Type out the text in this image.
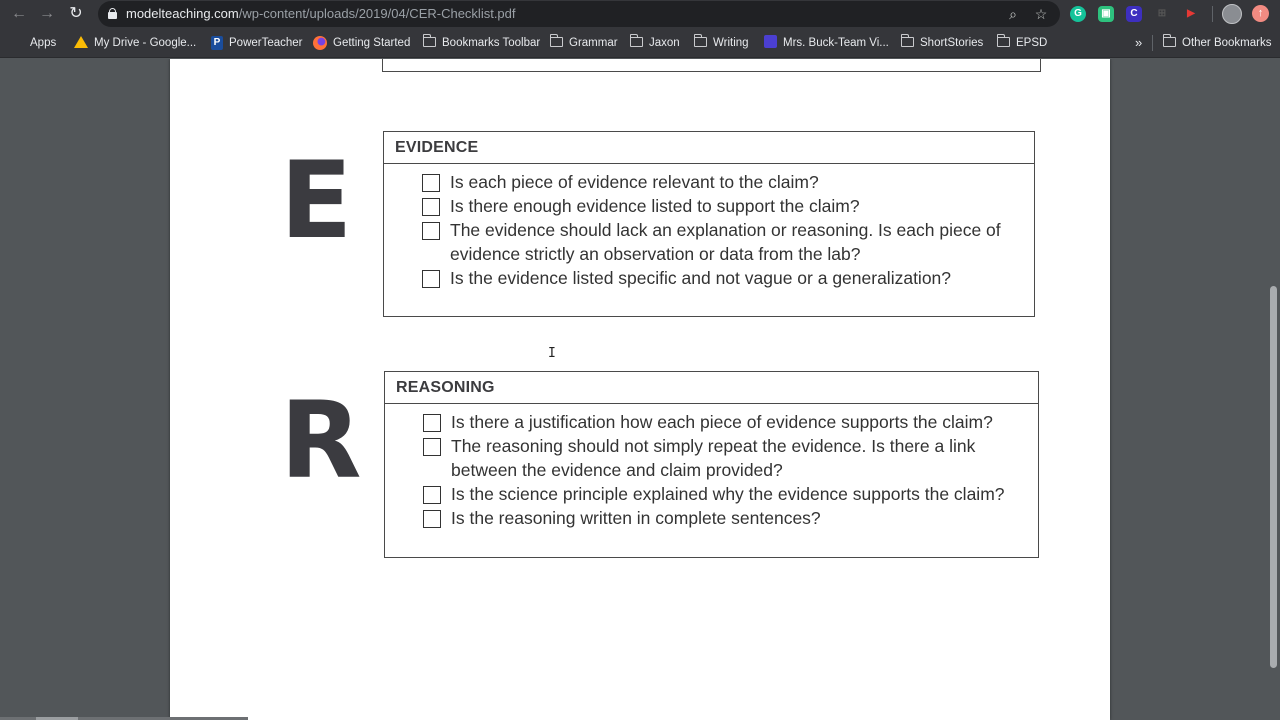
← → ↻	modelteaching.com/wp-content/uploads/2019/04/CER-Checklist.pdf	⌕	☆	G	▣	C	⊞	▶	↑
Apps	My Drive - Google... P PowerTeacher	Getting Started	Bookmarks Toolbar	Grammar	Jaxon	Writing	Mrs. Buck-Team Vi...	ShortStories	EPSD	»	Other Bookmarks
E	EVIDENCE
Is each piece of evidence relevant to the claim?
Is there enough evidence listed to support the claim?
The evidence should lack an explanation or reasoning. Is each piece of
evidence strictly an observation or data from the lab?
Is the evidence listed specific and not vague or a generalization?
R	REASONING
Is there a justification how each piece of evidence supports the claim?
The reasoning should not simply repeat the evidence. Is there a link
between the evidence and claim provided?
Is the science principle explained why the evidence supports the claim?
Is the reasoning written in complete sentences?
I
